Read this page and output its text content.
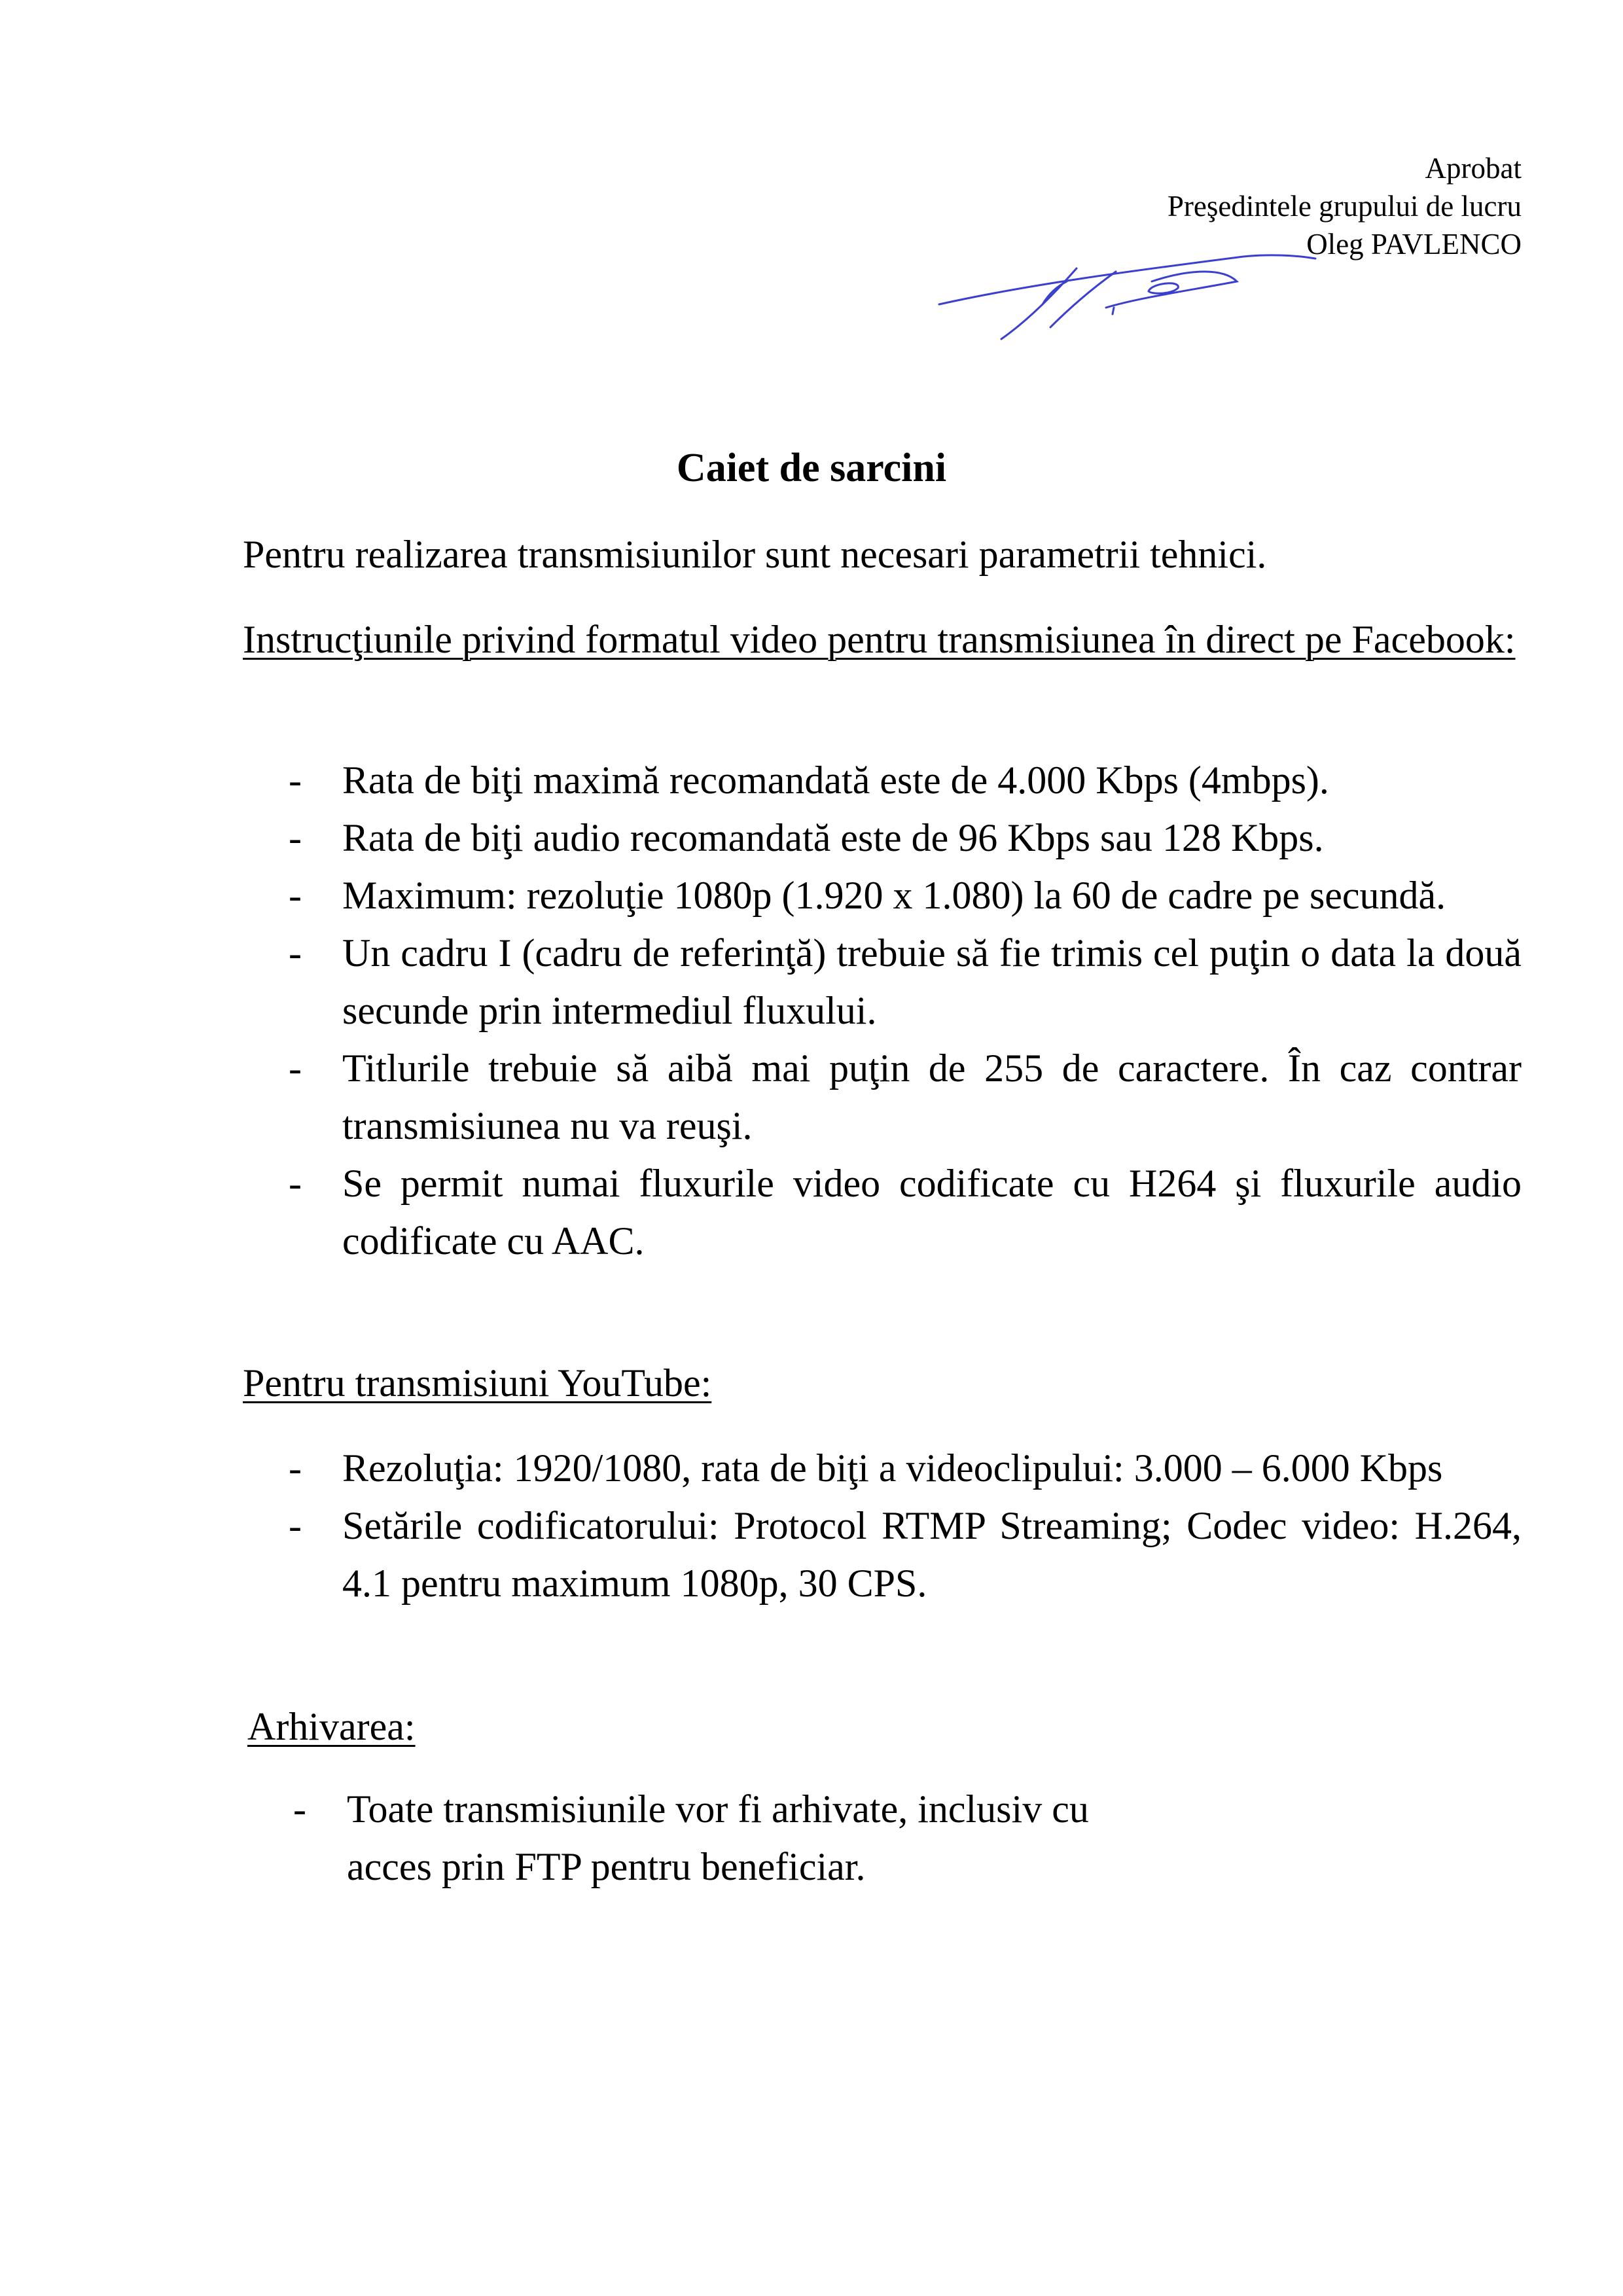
Aprobat
Preşedintele grupului de lucru
Oleg PAVLENCO
Caiet de sarcini
Pentru realizarea transmisiunilor sunt necesari parametrii tehnici.
Instrucţiunile privind formatul video pentru transmisiunea în direct pe Facebook:
- Rata de biţi maximă recomandată este de 4.000 Kbps (4mbps).
- Rata de biţi audio recomandată este de 96 Kbps sau 128 Kbps.
- Maximum: rezoluţie 1080p (1.920 x 1.080) la 60 de cadre pe secundă.
- Un cadru I (cadru de referinţă) trebuie să fie trimis cel puţin o data la două secunde prin intermediul fluxului.
- Titlurile trebuie să aibă mai puţin de 255 de caractere. În caz contrar transmisiunea nu va reuşi.
- Se permit numai fluxurile video codificate cu H264 şi fluxurile audio codificate cu AAC.
Pentru transmisiuni YouTube:
- Rezoluţia: 1920/1080, rata de biţi a videoclipului: 3.000 – 6.000 Kbps
- Setările codificatorului: Protocol RTMP Streaming; Codec video: H.264, 4.1 pentru maximum 1080p, 30 CPS.
Arhivarea:
- Toate transmisiunile vor fi arhivate, inclusiv cu acces prin FTP pentru beneficiar.
